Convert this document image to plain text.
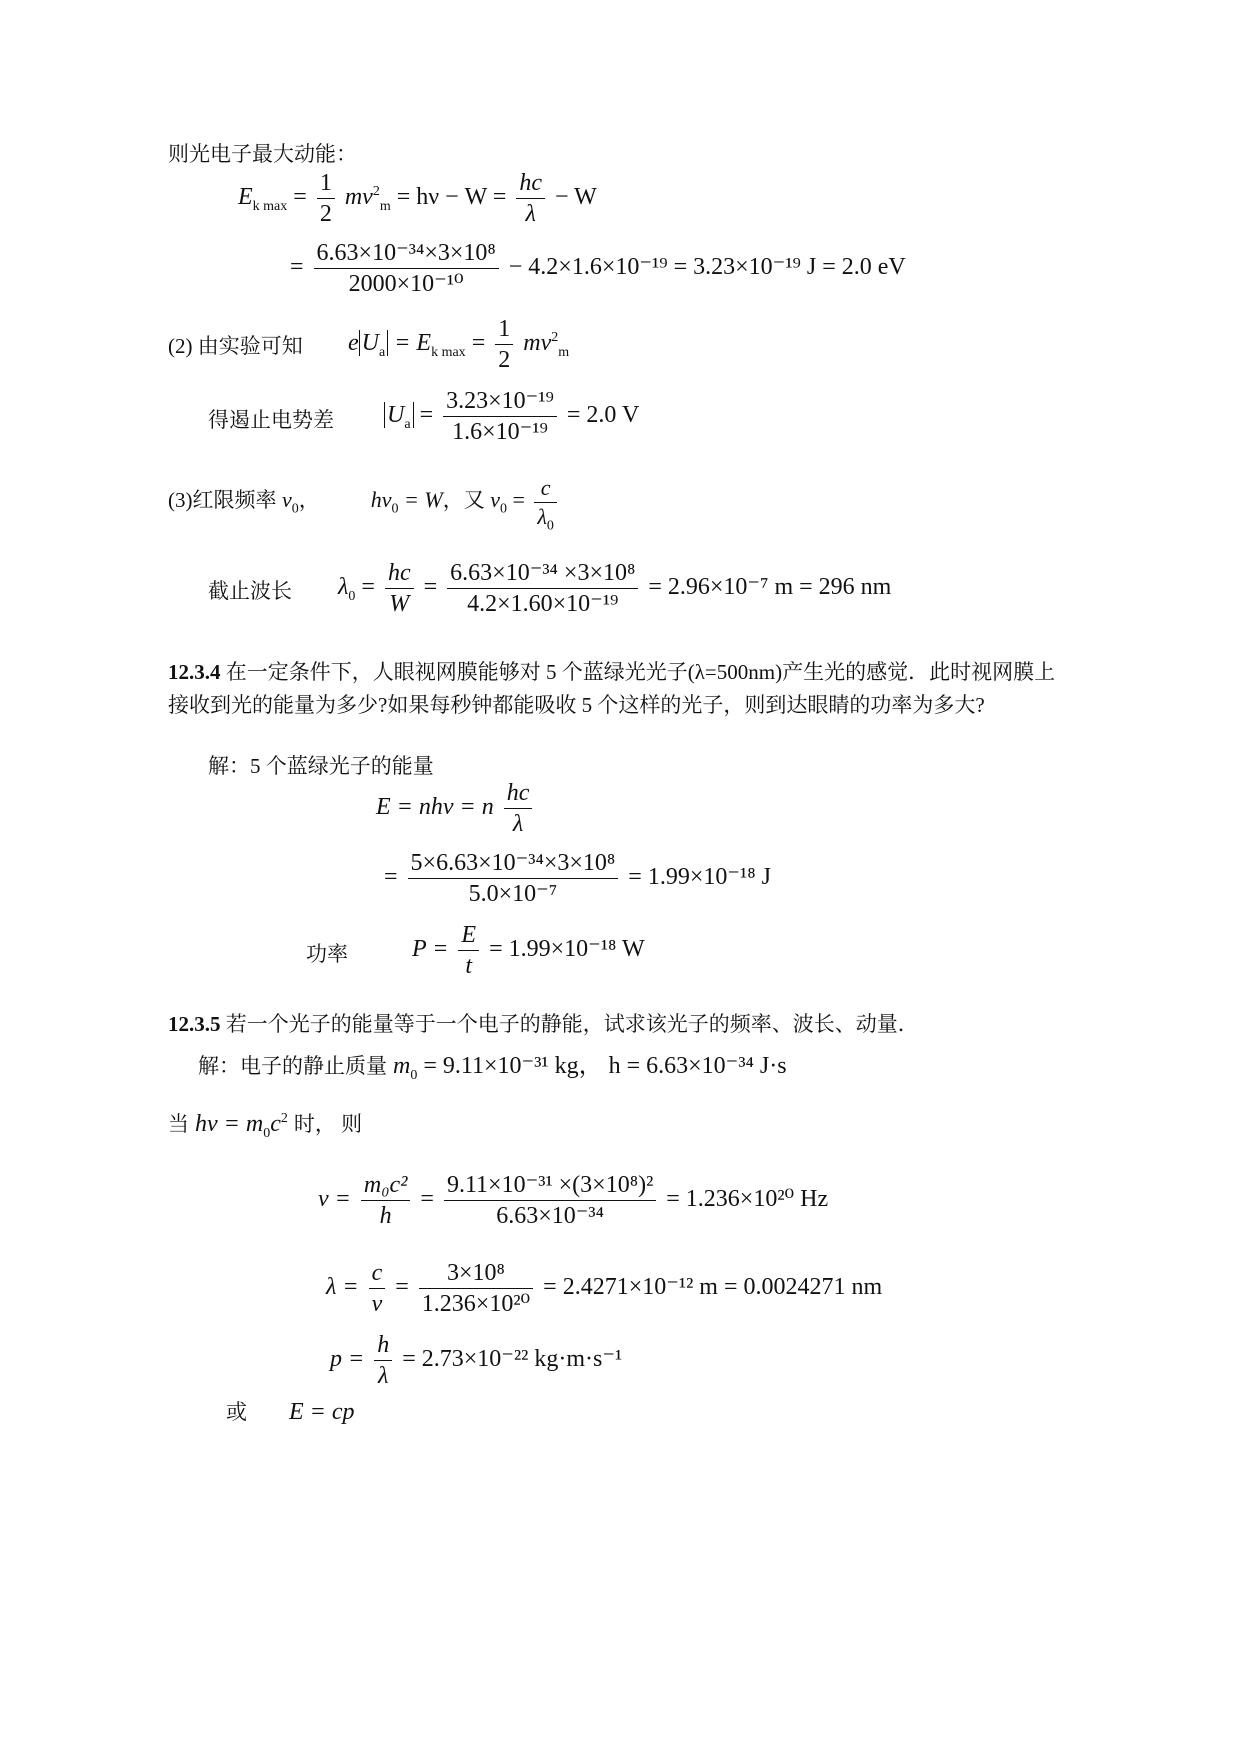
则光电子最大动能：
$E_{k max} = \frac{1}{2} mv^2_m = h\nu - W = \frac{hc}{\lambda} - W$
= $\frac{\text{6.63×10⁻³⁴×3×10⁸}}{\text{2000×10⁻¹⁰}} - 4.2\times 1.6\times 10^{-19} = 3.23\times 10^{-19}$ J = 2.0 eV
(2) 由实验可知 e $U_a = E_{k max} = \frac{1}{2} mv^2_m$
得遏止电势差 $U_a = \frac{\text{3.23×10⁻¹⁹}}{\text{1.6×10⁻¹⁹}} = 2.0$ V
(3)红限频率 $\nu_0$， $h\nu_0 = W$，又 $\nu_0 = \frac{c}{\lambda_0}$
截止波长 $\lambda_0 = \frac{hc}{W} = \frac{\text{6.63×10⁻³⁴ ×3×10⁸}}{\text{4.2×1.60×10⁻¹⁹}} = 2.96\times 10^{-7}$ m = 296 nm
12.3.4 在一定条件下，人眼视网膜能够对 5 个蓝绿光光子(λ=500nm)产生光的感觉．此时视网膜上接收到光的能量为多少?如果每秒钟都能吸收 5 个这样的光子，则到达眼睛的功率为多大?
解：5 个蓝绿光子的能量
E = nhv = n $\frac{hc}{\lambda}$
= $\frac{\text{5×6.63×10⁻³⁴×3×10⁸}}{\text{5.0×10⁻⁷}} = 1.99\times 10^{-18}$ J
功率	$P = \frac{E}{t} = 1.99\times 10^{-18}$ W
12.3.5 若一个光子的能量等于一个电子的静能，试求该光子的频率、波长、动量．
解：电子的静止质量 $m_0 = 9.11\times 10^{-31}$ kg， h = 6.63×10⁻³⁴ J·s
当 $h\nu = m_0c^2$ 时， 则
$\nu = \frac{\text{m₀c²}}{h} = \frac{\text{9.11×10⁻³¹ ×(3×10⁸)²}}{\text{6.63×10⁻³⁴}} = 1.236\times 10^{20}$ Hz
$\lambda = \frac{c}{\nu} = \frac{\text{3×10⁸}}{\text{1.236×10²⁰}} = 2.4271\times 10^{-12}$ m = 0.0024271 nm
$p = \frac{h}{\lambda} = 2.73\times 10^{-22}$ kg·m·s⁻¹
或 E = cp
